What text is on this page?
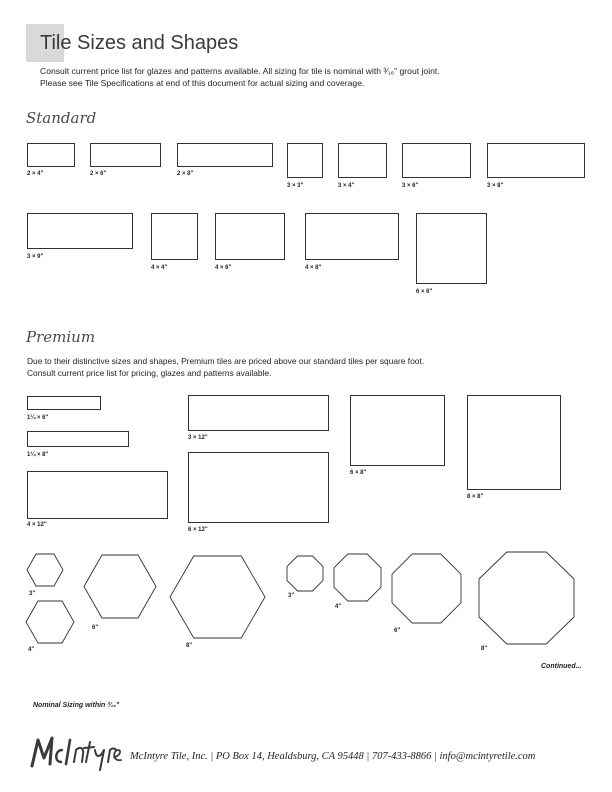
Tile Sizes and Shapes
Consult current price list for glazes and patterns available. All sizing for tile is nominal with ³⁄₁₆" grout joint.
Please see Tile Specifications at end of this document for actual sizing and coverage.
Standard
2 × 4"	2 × 6"	2 × 8"
3 × 3"	3 × 4"	3 × 6"	3 × 8"
3 × 9"
4 × 4"	4 × 6"	4 × 8"
6 × 6"
Premium
Due to their distinctive sizes and shapes, Premium tiles are priced above our standard tiles per square foot.
Consult current price list for pricing, glazes and patterns available.
1¼ × 6"
1¼ × 8"
4 × 12"
3 × 12"
6 × 12"
6 × 8"
8 × 8"
3"
4"
6"
8"
3"
4"
6"
8"
Continued...
Nominal Sizing within ³⁄₁₆"
McIntyre Tile, Inc. | PO Box 14, Healdsburg, CA 95448 | 707-433-8866 | info@mcintyretile.com
